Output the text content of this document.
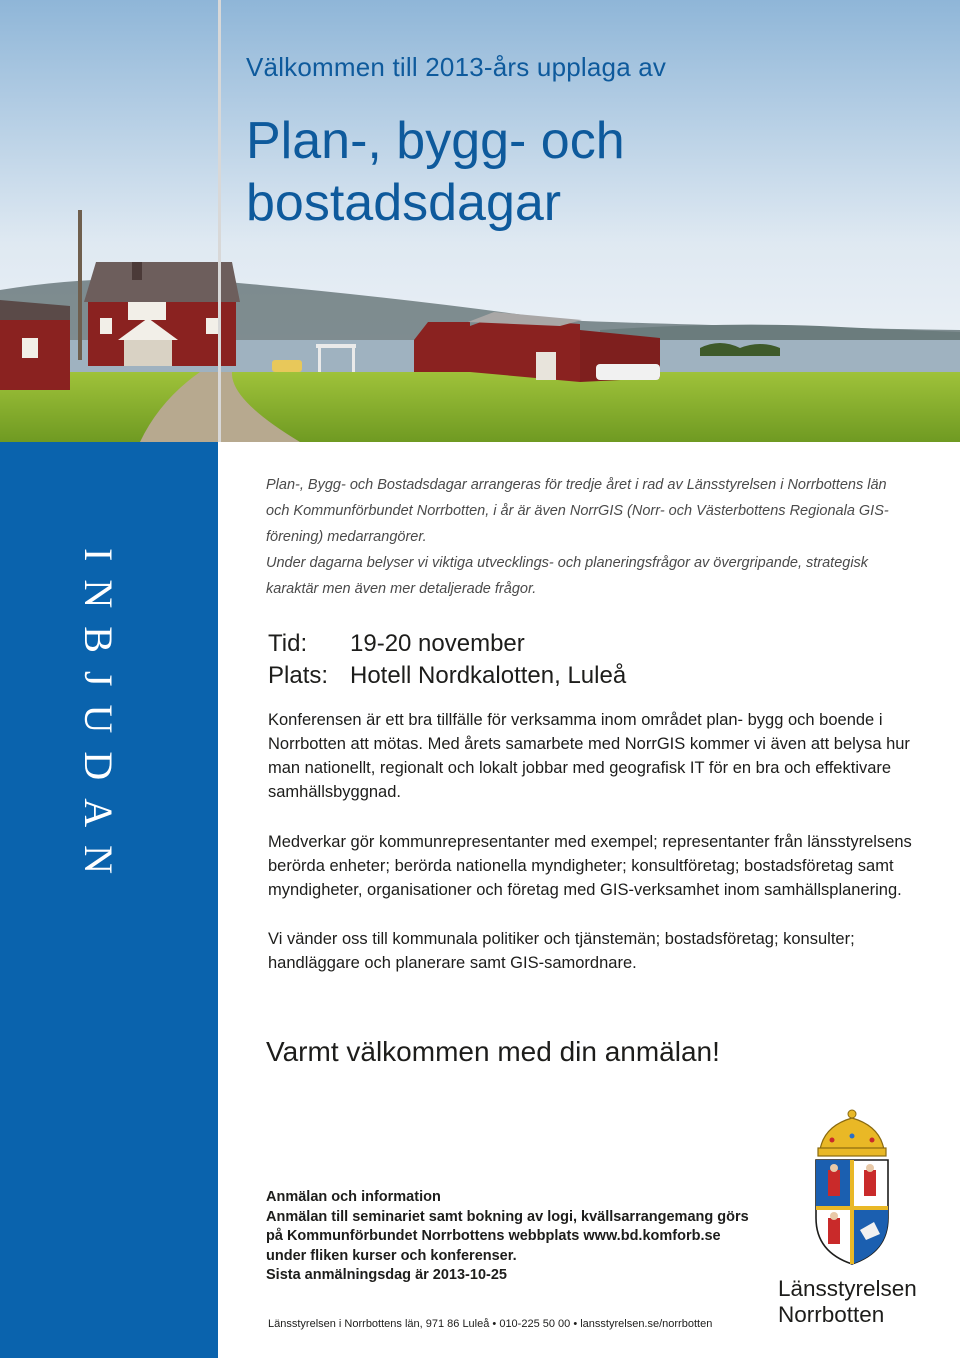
Välkommen till 2013-års upplaga av
Plan-, bygg- och
bostadsdagar
INBJUDAN

Plan-, Bygg- och Bostadsdagar arrangeras för tredje året i rad av Länsstyrelsen i Norrbottens län och Kommunförbundet Norrbotten, i år är även NorrGIS (Norr- och Västerbottens Regionala GIS-förening) medarrangörer.

Under dagarna belyser vi viktiga utvecklings- och planeringsfrågor av övergripande, strategisk karaktär men även mer detaljerade frågor.

Tid:	19-20 november
Plats: Hotell Nordkalotten, Luleå

Konferensen är ett bra tillfälle för verksamma inom området plan- bygg och boende i Norrbotten att mötas. Med årets samarbete med NorrGIS kommer vi även att belysa hur man nationellt, regionalt och lokalt jobbar med geografisk IT för en bra och effektivare samhällsbyggnad.

Medverkar gör kommunrepresentanter med exempel; representanter från länsstyrelsens berörda enheter; berörda nationella myndigheter; konsultföretag; bostadsföretag samt myndigheter, organisationer och företag med GIS-verksamhet inom samhällsplanering.

Vi vänder oss till kommunala politiker och tjänstemän; bostadsföretag; konsulter; handläggare och planerare samt GIS-samordnare.

Varmt välkommen med din anmälan!
Anmälan och information
Anmälan till seminariet samt bokning av logi, kvällsarrangemang görs
på Kommunförbundet Norrbottens webbplats www.bd.komforb.se
under fliken kurser och konferenser.
Sista anmälningsdag är 2013-10-25
Länsstyrelsen i Norrbottens län, 971 86 Luleå • 010-225 50 00 • lansstyrelsen.se/norrbotten
Länsstyrelsen
Norrbotten
